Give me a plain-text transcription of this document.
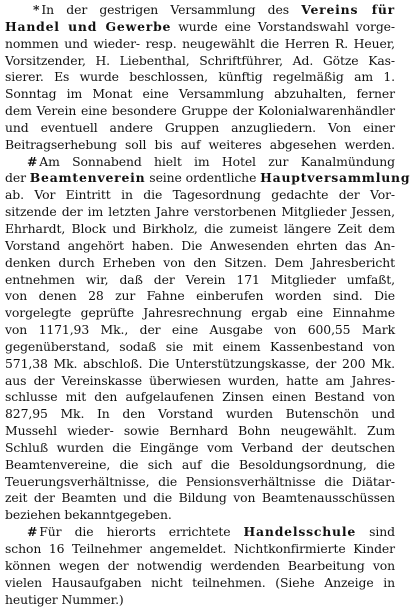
* In der gestrigen Versammlung des Vereins für
Handel und Gewerbe wurde eine Vorstandswahl vorge-
nommen und wieder- resp. neugewählt die Herren R. Heuer,
Vorsitzender, H. Liebenthal, Schriftführer, Ad. Götze Kas-
sierer. Es wurde beschlossen, künftig regelmäßig am 1.
Sonntag im Monat eine Versammlung abzuhalten, ferner
dem Verein eine besondere Gruppe der Kolonialwarenhändler
und eventuell andere Gruppen anzugliedern. Von einer
Beitragserhebung soll bis auf weiteres abgesehen werden.
# Am Sonnabend hielt im Hotel zur Kanalmündung
der Beamtenverein seine ordentliche Hauptversammlung
ab. Vor Eintritt in die Tagesordnung gedachte der Vor-
sitzende der im letzten Jahre verstorbenen Mitglieder Jessen,
Ehrhardt, Block und Birkholz, die zumeist längere Zeit dem
Vorstand angehört haben. Die Anwesenden ehrten das An-
denken durch Erheben von den Sitzen. Dem Jahresbericht
entnehmen wir, daß der Verein 171 Mitglieder umfaßt,
von denen 28 zur Fahne einberufen worden sind. Die
vorgelegte geprüfte Jahresrechnung ergab eine Einnahme
von 1171,93 Mk., der eine Ausgabe von 600,55 Mark
gegenüberstand, sodaß sie mit einem Kassenbestand von
571,38 Mk. abschloß. Die Unterstützungskasse, der 200 Mk.
aus der Vereinskasse überwiesen wurden, hatte am Jahres-
schlusse mit den aufgelaufenen Zinsen einen Bestand von
827,95 Mk. In den Vorstand wurden Butenschön und
Mussehl wieder- sowie Bernhard Bohn neugewählt. Zum
Schluß wurden die Eingänge vom Verband der deutschen
Beamtenvereine, die sich auf die Besoldungsordnung, die
Teuerungsverhältnisse, die Pensionsverhältnisse die Diätar-
zeit der Beamten und die Bildung von Beamtenausschüssen
beziehen bekanntgegeben.
# Für die hierorts errichtete Handelsschule sind
schon 16 Teilnehmer angemeldet. Nichtkonfirmierte Kinder
können wegen der notwendig werdenden Bearbeitung von
vielen Hausaufgaben nicht teilnehmen. (Siehe Anzeige in
heutiger Nummer.)
